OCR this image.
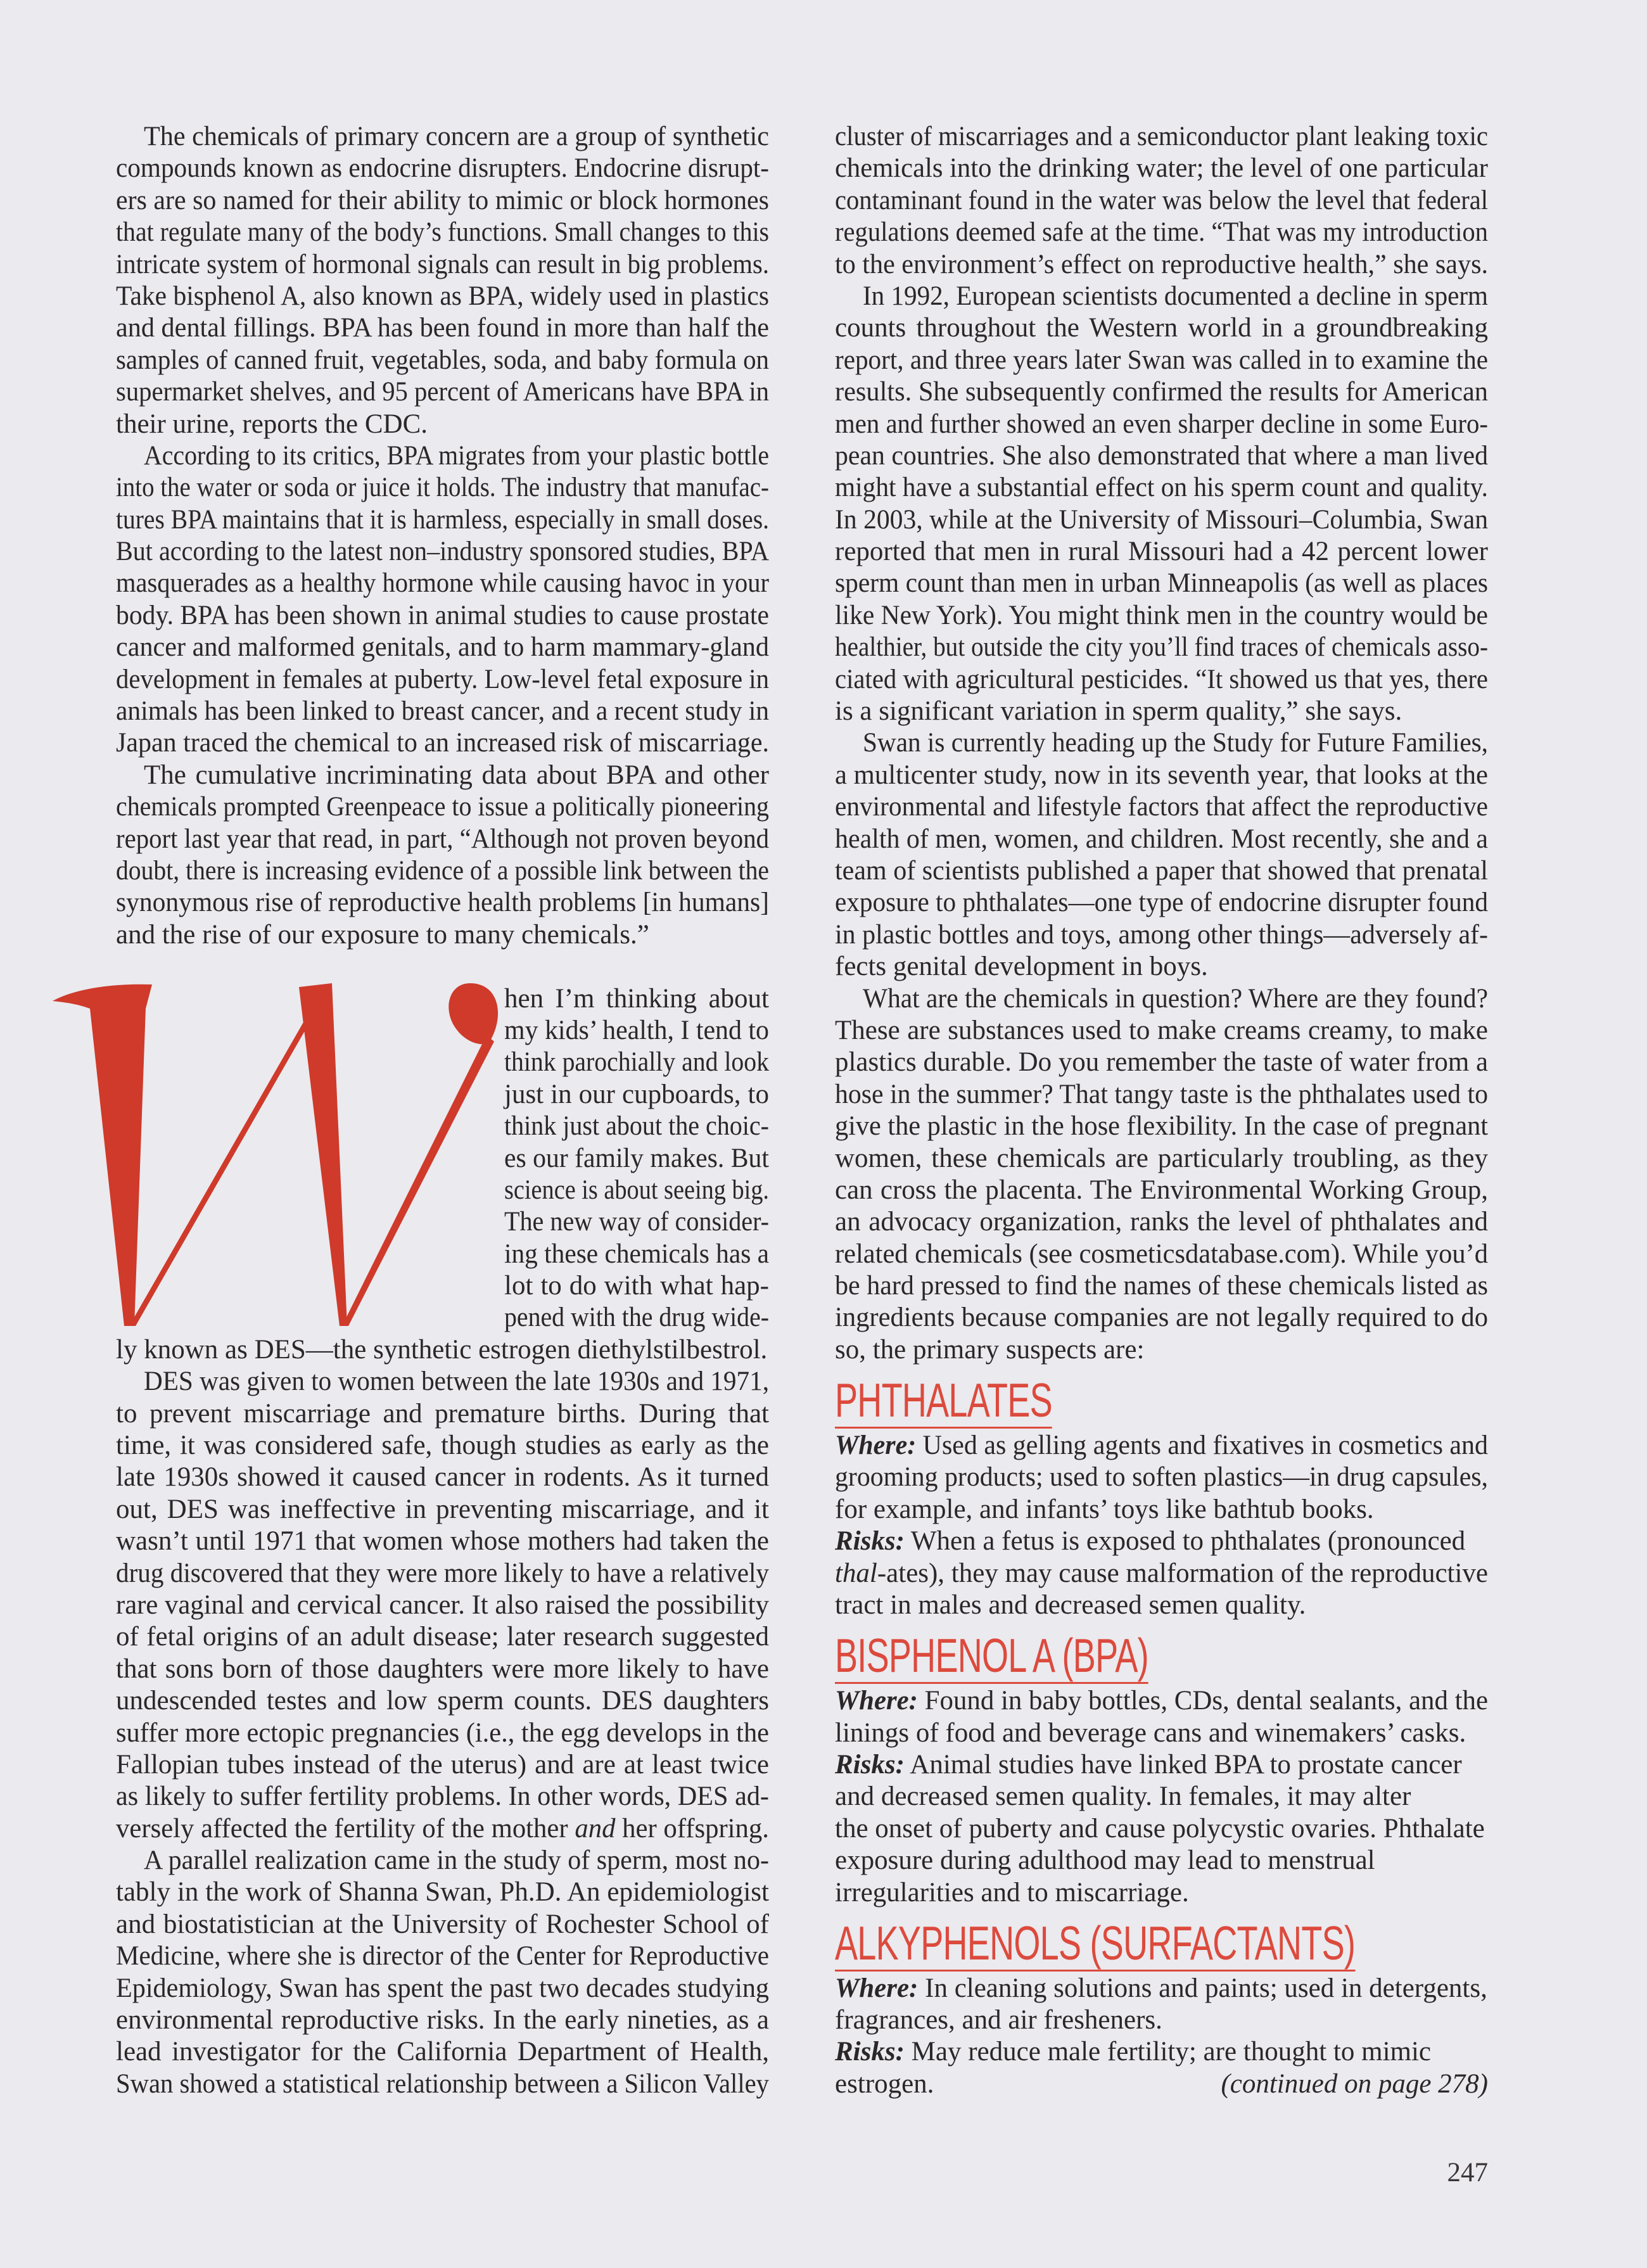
The chemicals of primary concern are a group of synthetic
compounds known as endocrine disrupters. Endocrine disrupt-
ers are so named for their ability to mimic or block hormones
that regulate many of the body’s functions. Small changes to this
intricate system of hormonal signals can result in big problems.
Take bisphenol A, also known as BPA, widely used in plastics
and dental fillings. BPA has been found in more than half the
samples of canned fruit, vegetables, soda, and baby formula on
supermarket shelves, and 95 percent of Americans have BPA in
their urine, reports the CDC.
According to its critics, BPA migrates from your plastic bottle
into the water or soda or juice it holds. The industry that manufac-
tures BPA maintains that it is harmless, especially in small doses.
But according to the latest non–industry sponsored studies, BPA
masquerades as a healthy hormone while causing havoc in your
body. BPA has been shown in animal studies to cause prostate
cancer and malformed genitals, and to harm mammary-gland
development in females at puberty. Low-level fetal exposure in
animals has been linked to breast cancer, and a recent study in
Japan traced the chemical to an increased risk of miscarriage.
The cumulative incriminating data about BPA and other
chemicals prompted Greenpeace to issue a politically pioneering
report last year that read, in part, “Although not proven beyond
doubt, there is increasing evidence of a possible link between the
synonymous rise of reproductive health problems [in humans]
and the rise of our exposure to many chemicals.”
hen I’m thinking about
my kids’ health, I tend to
think parochially and look
just in our cupboards, to
think just about the choic-
es our family makes. But
science is about seeing big.
The new way of consider-
ing these chemicals has a
lot to do with what hap-
pened with the drug wide-
ly known as DES—the synthetic estrogen diethylstilbestrol.
DES was given to women between the late 1930s and 1971,
to prevent miscarriage and premature births. During that
time, it was considered safe, though studies as early as the
late 1930s showed it caused cancer in rodents. As it turned
out, DES was ineffective in preventing miscarriage, and it
wasn’t until 1971 that women whose mothers had taken the
drug discovered that they were more likely to have a relatively
rare vaginal and cervical cancer. It also raised the possibility
of fetal origins of an adult disease; later research suggested
that sons born of those daughters were more likely to have
undescended testes and low sperm counts. DES daughters
suffer more ectopic pregnancies (i.e., the egg develops in the
Fallopian tubes instead of the uterus) and are at least twice
as likely to suffer fertility problems. In other words, DES ad-
versely affected the fertility of the mother and her offspring.
A parallel realization came in the study of sperm, most no-
tably in the work of Shanna Swan, Ph.D. An epidemiologist
and biostatistician at the University of Rochester School of
Medicine, where she is director of the Center for Reproductive
Epidemiology, Swan has spent the past two decades studying
environmental reproductive risks. In the early nineties, as a
lead investigator for the California Department of Health,
Swan showed a statistical relationship between a Silicon Valley
cluster of miscarriages and a semiconductor plant leaking toxic
chemicals into the drinking water; the level of one particular
contaminant found in the water was below the level that federal
regulations deemed safe at the time. “That was my introduction
to the environment’s effect on reproductive health,” she says.
In 1992, European scientists documented a decline in sperm
counts throughout the Western world in a groundbreaking
report, and three years later Swan was called in to examine the
results. She subsequently confirmed the results for American
men and further showed an even sharper decline in some Euro-
pean countries. She also demonstrated that where a man lived
might have a substantial effect on his sperm count and quality.
In 2003, while at the University of Missouri–Columbia, Swan
reported that men in rural Missouri had a 42 percent lower
sperm count than men in urban Minneapolis (as well as places
like New York). You might think men in the country would be
healthier, but outside the city you’ll find traces of chemicals asso-
ciated with agricultural pesticides. “It showed us that yes, there
is a significant variation in sperm quality,” she says.
Swan is currently heading up the Study for Future Families,
a multicenter study, now in its seventh year, that looks at the
environmental and lifestyle factors that affect the reproductive
health of men, women, and children. Most recently, she and a
team of scientists published a paper that showed that prenatal
exposure to phthalates—one type of endocrine disrupter found
in plastic bottles and toys, among other things—adversely af-
fects genital development in boys.
What are the chemicals in question? Where are they found?
These are substances used to make creams creamy, to make
plastics durable. Do you remember the taste of water from a
hose in the summer? That tangy taste is the phthalates used to
give the plastic in the hose flexibility. In the case of pregnant
women, these chemicals are particularly troubling, as they
can cross the placenta. The Environmental Working Group,
an advocacy organization, ranks the level of phthalates and
related chemicals (see cosmeticsdatabase.com). While you’d
be hard pressed to find the names of these chemicals listed as
ingredients because companies are not legally required to do
so, the primary suspects are:
PHTHALATES
Where: Used as gelling agents and fixatives in cosmetics and
grooming products; used to soften plastics—in drug capsules,
for example, and infants’ toys like bathtub books.
Risks: When a fetus is exposed to phthalates (pronounced
thal-ates), they may cause malformation of the reproductive
tract in males and decreased semen quality.
BISPHENOL A (BPA)
Where: Found in baby bottles, CDs, dental sealants, and the
linings of food and beverage cans and winemakers’ casks.
Risks: Animal studies have linked BPA to prostate cancer
and decreased semen quality. In females, it may alter
the onset of puberty and cause polycystic ovaries. Phthalate
exposure during adulthood may lead to menstrual
irregularities and to miscarriage.
ALKYPHENOLS (SURFACTANTS)
Where: In cleaning solutions and paints; used in detergents,
fragrances, and air fresheners.
Risks: May reduce male fertility; are thought to mimic
(continued on page 278)
estrogen.
247
